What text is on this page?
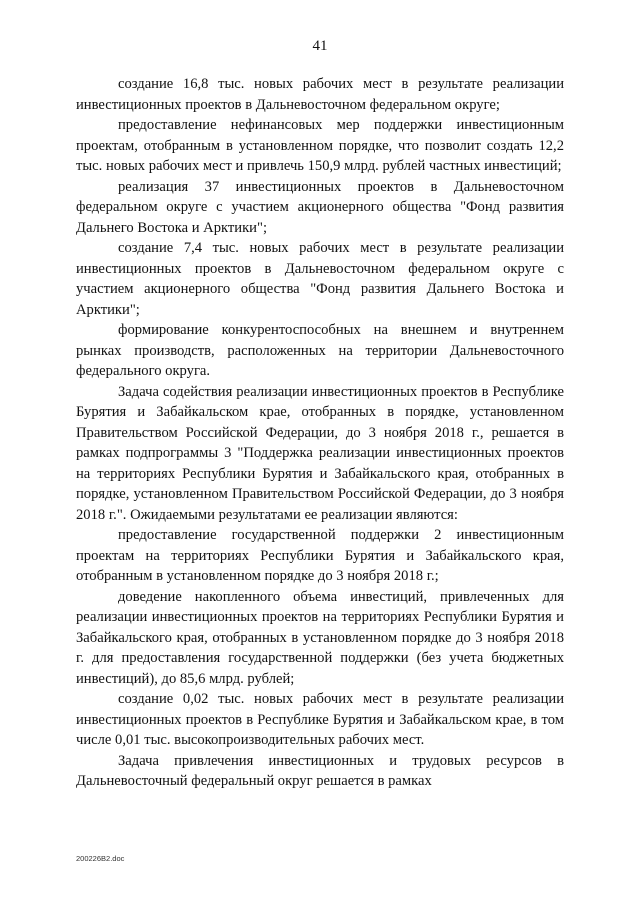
41

создание 16,8 тыс. новых рабочих мест в результате реализации инвестиционных проектов в Дальневосточном федеральном округе;

предоставление нефинансовых мер поддержки инвестиционным проектам, отобранным в установленном порядке, что позволит создать 12,2 тыс. новых рабочих мест и привлечь 150,9 млрд. рублей частных инвестиций;

реализация 37 инвестиционных проектов в Дальневосточном федеральном округе с участием акционерного общества "Фонд развития Дальнего Востока и Арктики";

создание 7,4 тыс. новых рабочих мест в результате реализации инвестиционных проектов в Дальневосточном федеральном округе с участием акционерного общества "Фонд развития Дальнего Востока и Арктики";

формирование конкурентоспособных на внешнем и внутреннем рынках производств, расположенных на территории Дальневосточного федерального округа.

Задача содействия реализации инвестиционных проектов в Республике Бурятия и Забайкальском крае, отобранных в порядке, установленном Правительством Российской Федерации, до 3 ноября 2018 г., решается в рамках подпрограммы 3 "Поддержка реализации инвестиционных проектов на территориях Республики Бурятия и Забайкальского края, отобранных в порядке, установленном Правительством Российской Федерации, до 3 ноября 2018 г.". Ожидаемыми результатами ее реализации являются:

предоставление государственной поддержки 2 инвестиционным проектам на территориях Республики Бурятия и Забайкальского края, отобранным в установленном порядке до 3 ноября 2018 г.;

доведение накопленного объема инвестиций, привлеченных для реализации инвестиционных проектов на территориях Республики Бурятия и Забайкальского края, отобранных в установленном порядке до 3 ноября 2018 г. для предоставления государственной поддержки (без учета бюджетных инвестиций), до 85,6 млрд. рублей;

создание 0,02 тыс. новых рабочих мест в результате реализации инвестиционных проектов в Республике Бурятия и Забайкальском крае, в том числе 0,01 тыс. высокопроизводительных рабочих мест.

Задача привлечения инвестиционных и трудовых ресурсов в Дальневосточный федеральный округ решается в рамках

200226B2.doc
